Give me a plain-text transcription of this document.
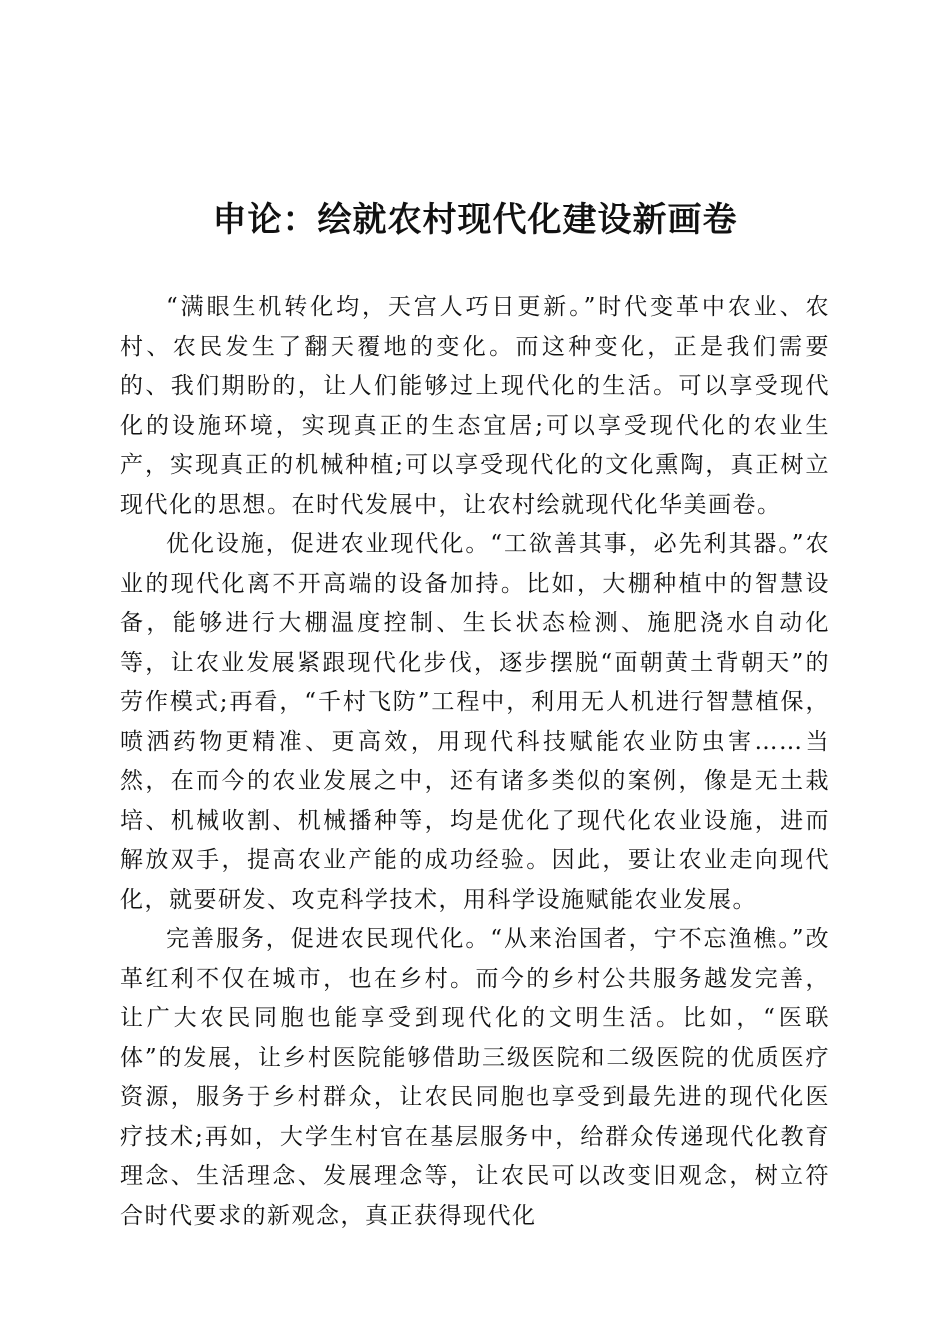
申论：绘就农村现代化建设新画卷

“满眼生机转化均，天宫人巧日更新。”时代变革中农业、农村、农民发生了翻天覆地的变化。而这种变化，正是我们需要的、我们期盼的，让人们能够过上现代化的生活。可以享受现代化的设施环境，实现真正的生态宜居;可以享受现代化的农业生产，实现真正的机械种植;可以享受现代化的文化熏陶，真正树立现代化的思想。在时代发展中，让农村绘就现代化华美画卷。

优化设施，促进农业现代化。“工欲善其事，必先利其器。”农业的现代化离不开高端的设备加持。比如，大棚种植中的智慧设备，能够进行大棚温度控制、生长状态检测、施肥浇水自动化等，让农业发展紧跟现代化步伐，逐步摆脱“面朝黄土背朝天”的劳作模式;再看，“千村飞防”工程中，利用无人机进行智慧植保，喷洒药物更精准、更高效，用现代科技赋能农业防虫害……当然，在而今的农业发展之中，还有诸多类似的案例，像是无土栽培、机械收割、机械播种等，均是优化了现代化农业设施，进而解放双手，提高农业产能的成功经验。因此，要让农业走向现代化，就要研发、攻克科学技术，用科学设施赋能农业发展。

完善服务，促进农民现代化。“从来治国者，宁不忘渔樵。”改革红利不仅在城市，也在乡村。而今的乡村公共服务越发完善，让广大农民同胞也能享受到现代化的文明生活。比如，“医联体”的发展，让乡村医院能够借助三级医院和二级医院的优质医疗资源，服务于乡村群众，让农民同胞也享受到最先进的现代化医疗技术;再如，大学生村官在基层服务中，给群众传递现代化教育理念、生活理念、发展理念等，让农民可以改变旧观念，树立符合时代要求的新观念，真正获得现代化
